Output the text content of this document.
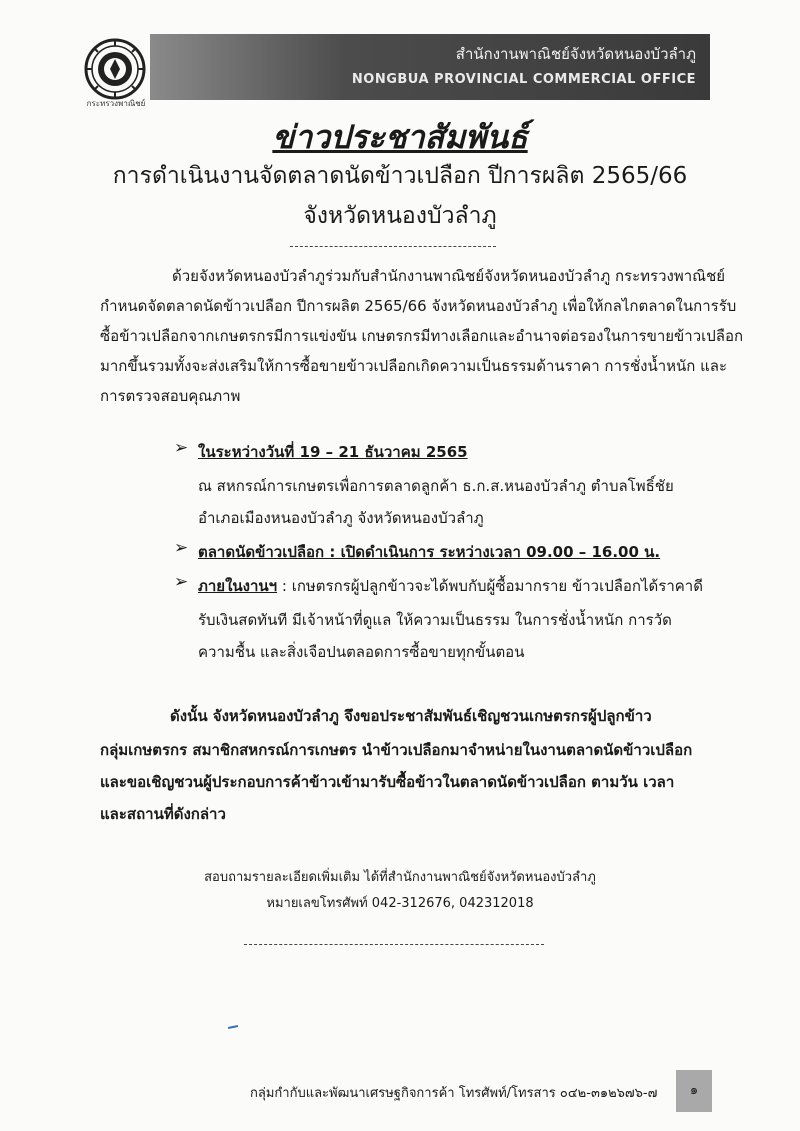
กระทรวงพาณิชย์
สำนักงานพาณิชย์จังหวัดหนองบัวลำภู
NONGBUA PROVINCIAL COMMERCIAL OFFICE
ข่าวประชาสัมพันธ์
การดำเนินงานจัดตลาดนัดข้าวเปลือก ปีการผลิต 2565/66
จังหวัดหนองบัวลำภู
ด้วยจังหวัดหนองบัวลำภูร่วมกับสำนักงานพาณิชย์จังหวัดหนองบัวลำภู กระทรวงพาณิชย์
กำหนดจัดตลาดนัดข้าวเปลือก ปีการผลิต 2565/66 จังหวัดหนองบัวลำภู เพื่อให้กลไกตลาดในการรับ
ซื้อข้าวเปลือกจากเกษตรกรมีการแข่งขัน เกษตรกรมีทางเลือกและอำนาจต่อรองในการขายข้าวเปลือก
มากขึ้นรวมทั้งจะส่งเสริมให้การซื้อขายข้าวเปลือกเกิดความเป็นธรรมด้านราคา การชั่งน้ำหนัก และ
การตรวจสอบคุณภาพ
➢ ในระหว่างวันที่ 19 – 21 ธันวาคม 2565
ณ สหกรณ์การเกษตรเพื่อการตลาดลูกค้า ธ.ก.ส.หนองบัวลำภู ตำบลโพธิ์ชัย
อำเภอเมืองหนองบัวลำภู จังหวัดหนองบัวลำภู
➢ ตลาดนัดข้าวเปลือก : เปิดดำเนินการ ระหว่างเวลา 09.00 – 16.00 น.
➢ ภายในงานฯ : เกษตรกรผู้ปลูกข้าวจะได้พบกับผู้ซื้อมากราย ข้าวเปลือกได้ราคาดี
รับเงินสดทันที มีเจ้าหน้าที่ดูแล ให้ความเป็นธรรม ในการชั่งน้ำหนัก การวัด
ความชื้น และสิ่งเจือปนตลอดการซื้อขายทุกขั้นตอน
ดังนั้น จังหวัดหนองบัวลำภู จึงขอประชาสัมพันธ์เชิญชวนเกษตรกรผู้ปลูกข้าว
กลุ่มเกษตรกร สมาชิกสหกรณ์การเกษตร นำข้าวเปลือกมาจำหน่ายในงานตลาดนัดข้าวเปลือก
และขอเชิญชวนผู้ประกอบการค้าข้าวเข้ามารับซื้อข้าวในตลาดนัดข้าวเปลือก ตามวัน เวลา
และสถานที่ดังกล่าว
สอบถามรายละเอียดเพิ่มเติม ได้ที่สำนักงานพาณิชย์จังหวัดหนองบัวลำภู
หมายเลขโทรศัพท์ 042-312676, 042312018
กลุ่มกำกับและพัฒนาเศรษฐกิจการค้า โทรศัพท์/โทรสาร ๐๔๒-๓๑๒๖๗๖-๗	๑
